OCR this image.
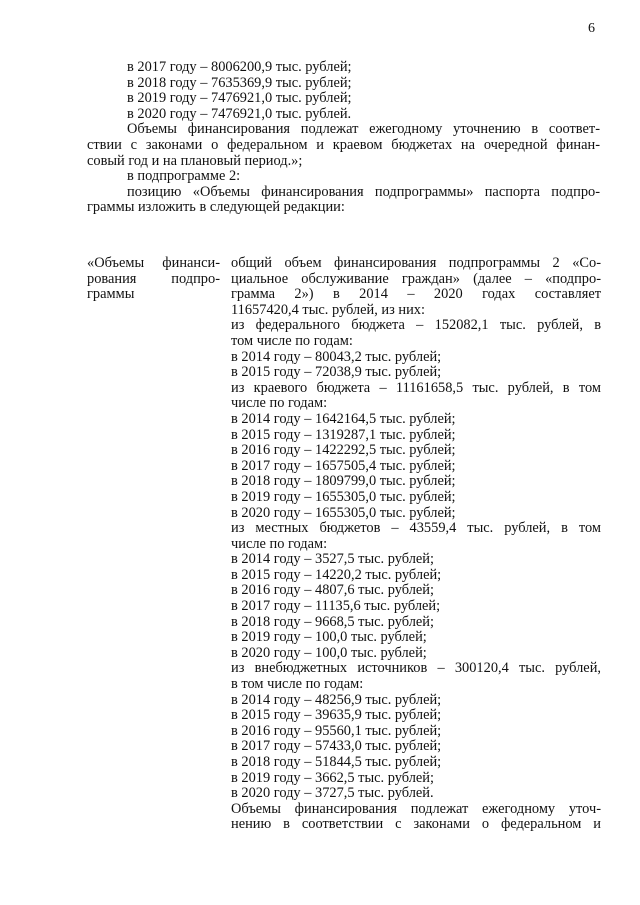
6

в 2017 году – 8006200,9 тыс. рублей;

в 2018 году – 7635369,9 тыс. рублей;

в 2019 году – 7476921,0 тыс. рублей;

в 2020 году – 7476921,0 тыс. рублей.

Объемы финансирования подлежат ежегодному уточнению в соответ-

ствии с законами о федеральном и краевом бюджетах на очередной финан-

совый год и на плановый период.»;

в подпрограмме 2:

позицию «Объемы финансирования подпрограммы» паспорта подпро-

граммы изложить в следующей редакции:

«Объемы финанси-

рования подпро-

граммы

общий объем финансирования подпрограммы 2 «Со-

циальное обслуживание граждан» (далее – «подпро-

грамма 2») в 2014 – 2020 годах составляет

11657420,4 тыс. рублей, из них:

из федерального бюджета – 152082,1 тыс. рублей, в

том числе по годам:

в 2014 году – 80043,2 тыс. рублей;

в 2015 году – 72038,9 тыс. рублей;

из краевого бюджета – 11161658,5 тыс. рублей, в том

числе по годам:

в 2014 году – 1642164,5 тыс. рублей;

в 2015 году – 1319287,1 тыс. рублей;

в 2016 году – 1422292,5 тыс. рублей;

в 2017 году – 1657505,4 тыс. рублей;

в 2018 году – 1809799,0 тыс. рублей;

в 2019 году – 1655305,0 тыс. рублей;

в 2020 году – 1655305,0 тыс. рублей;

из местных бюджетов – 43559,4 тыс. рублей, в том

числе по годам:

в 2014 году – 3527,5 тыс. рублей;

в 2015 году – 14220,2 тыс. рублей;

в 2016 году – 4807,6 тыс. рублей;

в 2017 году – 11135,6 тыс. рублей;

в 2018 году – 9668,5 тыс. рублей;

в 2019 году – 100,0 тыс. рублей;

в 2020 году – 100,0 тыс. рублей;

из внебюджетных источников – 300120,4 тыс. рублей,

в том числе по годам:

в 2014 году – 48256,9 тыс. рублей;

в 2015 году – 39635,9 тыс. рублей;

в 2016 году – 95560,1 тыс. рублей;

в 2017 году – 57433,0 тыс. рублей;

в 2018 году – 51844,5 тыс. рублей;

в 2019 году – 3662,5 тыс. рублей;

в 2020 году – 3727,5 тыс. рублей.

Объемы финансирования подлежат ежегодному уточ-

нению в соответствии с законами о федеральном и
